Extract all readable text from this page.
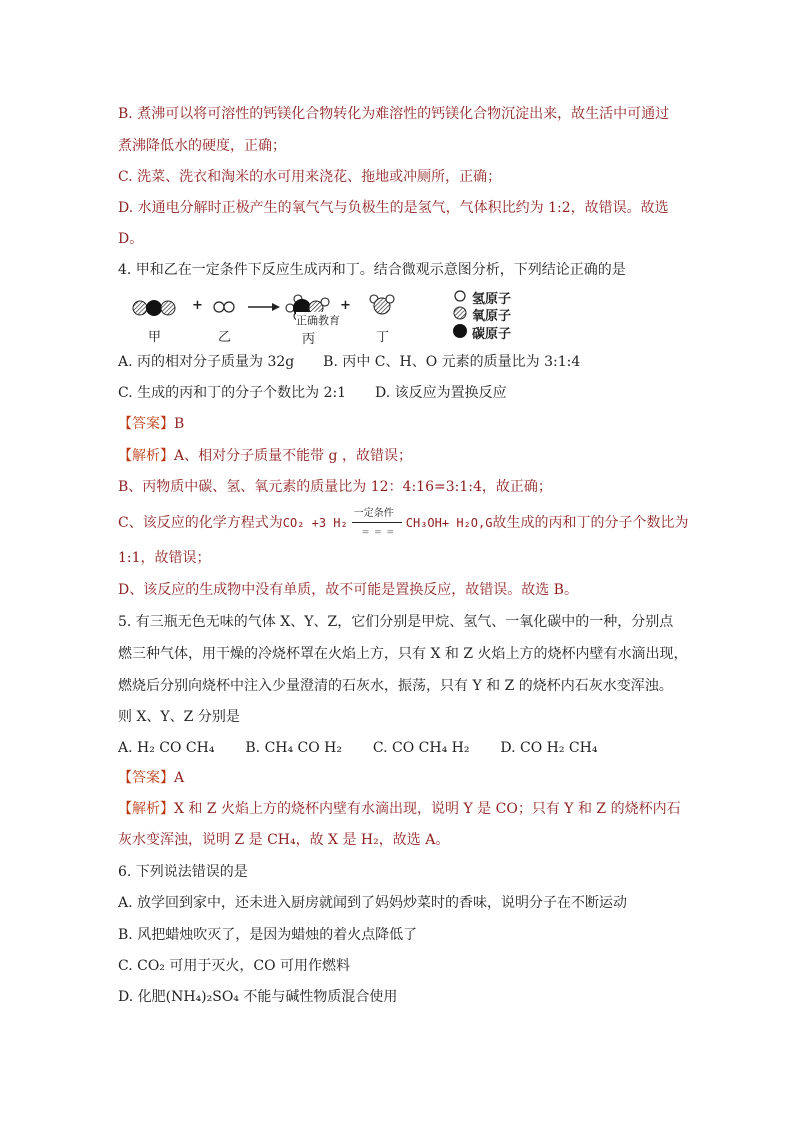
B. 煮沸可以将可溶性的钙镁化合物转化为难溶性的钙镁化合物沉淀出来，故生活中可通过
煮沸降低水的硬度，正确；
C. 洗菜、洗衣和淘米的水可用来浇花、拖地或冲厕所，正确；
D. 水通电分解时正极产生的氧气气与负极生的是氢气，气体积比约为 1:2，故错误。故选
D。
4. 甲和乙在一定条件下反应生成丙和丁。结合微观示意图分析，下列结论正确的是
+	+
甲	乙	丙	丁
正确教育
氢原子
氧原子
碳原子
A. 丙的相对分子质量为 32g B. 丙中 C、H、O 元素的质量比为 3:1:4
C. 生成的丙和丁的分子个数比为 2:1 D. 该反应为置换反应
【答案】B
【解析】A、相对分子质量不能带 g ，故错误；
B、丙物质中碳、氢、氧元素的质量比为 12：4:16=3:1:4，故正确；
C、该反应的化学方程式为CO₂ +3 H₂
一定条件
= = =
CH₃OH+ H₂O,G故生成的丙和丁的分子个数比为
1:1，故错误；
D、该反应的生成物中没有单质，故不可能是置换反应，故错误。故选 B。
5. 有三瓶无色无味的气体 X、Y、Z，它们分别是甲烷、氢气、一氧化碳中的一种，分别点
燃三种气体，用干燥的冷烧杯罩在火焰上方，只有 X 和 Z 火焰上方的烧杯内壁有水滴出现，
燃烧后分别向烧杯中注入少量澄清的石灰水，振荡，只有 Y 和 Z 的烧杯内石灰水变浑浊。
则 X、Y、Z 分别是
A. H₂ CO CH₄ B. CH₄ CO H₂ C. CO CH₄ H₂ D. CO H₂ CH₄
【答案】A
【解析】X 和 Z 火焰上方的烧杯内壁有水滴出现，说明 Y 是 CO；只有 Y 和 Z 的烧杯内石
灰水变浑浊，说明 Z 是 CH₄，故 X 是 H₂，故选 A。
6. 下列说法错误的是
A. 放学回到家中，还未进入厨房就闻到了妈妈炒菜时的香味，说明分子在不断运动
B. 风把蜡烛吹灭了，是因为蜡烛的着火点降低了
C. CO₂ 可用于灭火，CO 可用作燃料
D. 化肥(NH₄)₂SO₄ 不能与碱性物质混合使用
